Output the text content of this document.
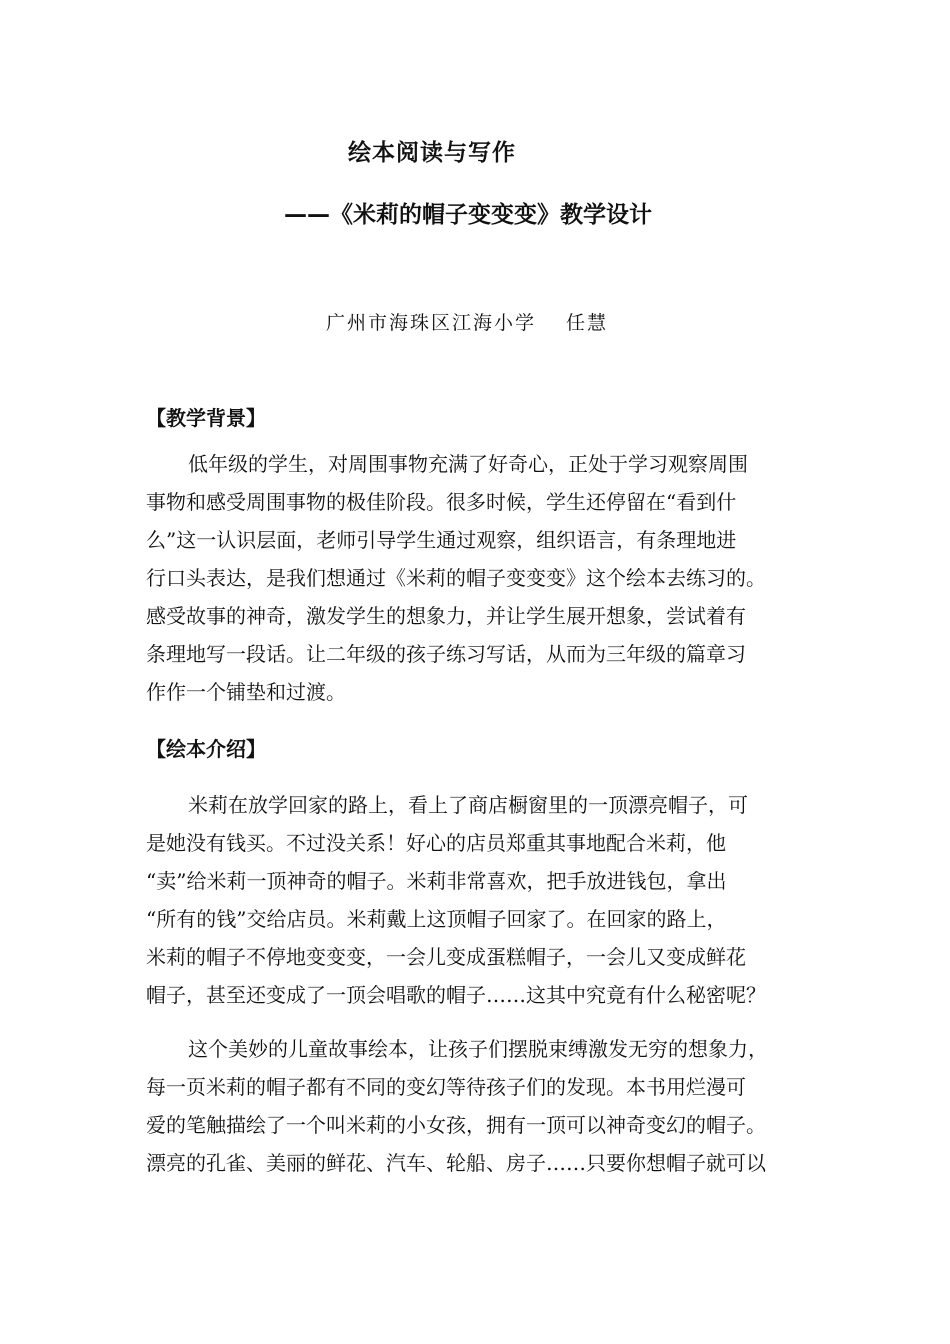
绘本阅读与写作
——《米莉的帽子变变变》教学设计
广州市海珠区江海小学 任慧
【教学背景】
低年级的学生，对周围事物充满了好奇心，正处于学习观察周围
事物和感受周围事物的极佳阶段。很多时候，学生还停留在“看到什
么”这一认识层面，老师引导学生通过观察，组织语言，有条理地进
行口头表达，是我们想通过《米莉的帽子变变变》这个绘本去练习的。
感受故事的神奇，激发学生的想象力，并让学生展开想象，尝试着有
条理地写一段话。让二年级的孩子练习写话，从而为三年级的篇章习
作作一个铺垫和过渡。
【绘本介绍】
米莉在放学回家的路上，看上了商店橱窗里的一顶漂亮帽子，可
是她没有钱买。不过没关系！好心的店员郑重其事地配合米莉，他
“卖”给米莉一顶神奇的帽子。米莉非常喜欢，把手放进钱包，拿出
“所有的钱”交给店员。米莉戴上这顶帽子回家了。在回家的路上，
米莉的帽子不停地变变变，一会儿变成蛋糕帽子，一会儿又变成鲜花
帽子，甚至还变成了一顶会唱歌的帽子……这其中究竟有什么秘密呢？
这个美妙的儿童故事绘本，让孩子们摆脱束缚激发无穷的想象力，
每一页米莉的帽子都有不同的变幻等待孩子们的发现。本书用烂漫可
爱的笔触描绘了一个叫米莉的小女孩，拥有一顶可以神奇变幻的帽子。
漂亮的孔雀、美丽的鲜花、汽车、轮船、房子……只要你想帽子就可以
